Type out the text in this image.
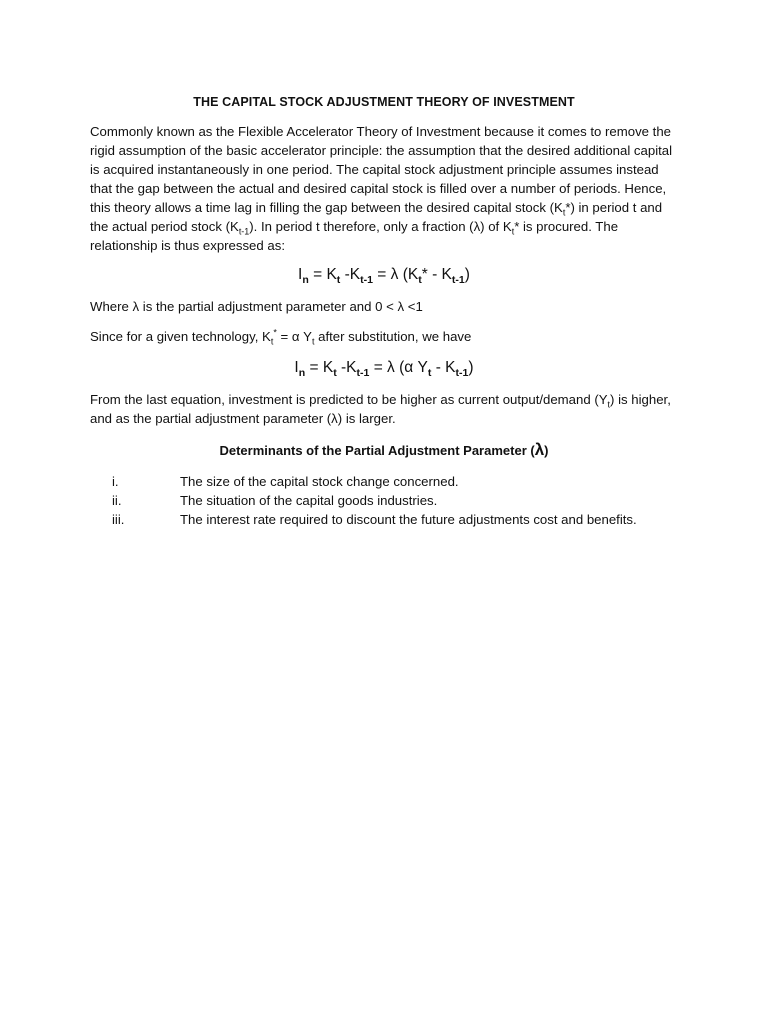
THE CAPITAL STOCK ADJUSTMENT THEORY OF INVESTMENT
Commonly known as the Flexible Accelerator Theory of Investment because it comes to remove the rigid assumption of the basic accelerator principle: the assumption that the desired additional capital is acquired instantaneously in one period. The capital stock adjustment principle assumes instead that the gap between the actual and desired capital stock is filled over a number of periods. Hence, this theory allows a time lag in filling the gap between the desired capital stock $(K_t*)$ in period t and the actual period stock $(K_{t-1})$. In period t therefore, only a fraction (λ) of $K_t*$ is procured. The relationship is thus expressed as:
$I_n = K_t$ $-K_{t-1} = \lambda$ $(K_t* - K_{t-1})$
Where λ is the partial adjustment parameter and 0 < λ <1
Since for a given technology, $K_t^* = \alpha$ $Y_t$ after substitution, we have
$I_n = K_t$ $-K_{t-1} = \lambda$ (α $Y_t - K_{t-1}$)
From the last equation, investment is predicted to be higher as current output/demand $(Y_t)$ is higher, and as the partial adjustment parameter (λ) is larger.
Determinants of the Partial Adjustment Parameter (λ)
i.	The size of the capital stock change concerned.
ii.	The situation of the capital goods industries.
iii.	The interest rate required to discount the future adjustments cost and benefits.
